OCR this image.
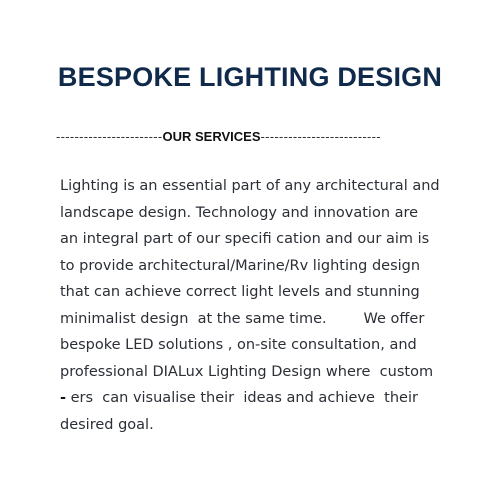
BESPOKE LIGHTING DESIGN
----------------------- OUR SERVICES --------------------------
Lighting is an essential part of any architectural and
landscape design. Technology and innovation are
an integral part of our specifi cation and our aim is
to provide architectural/Marine/Rv lighting design
that can achieve correct light levels and stunning
minimalist design  at the same time.        We offer
bespoke LED solutions , on-site consultation, and
professional DIALux Lighting Design where  custom
- ers  can visualise their  ideas and achieve  their
desired goal.
